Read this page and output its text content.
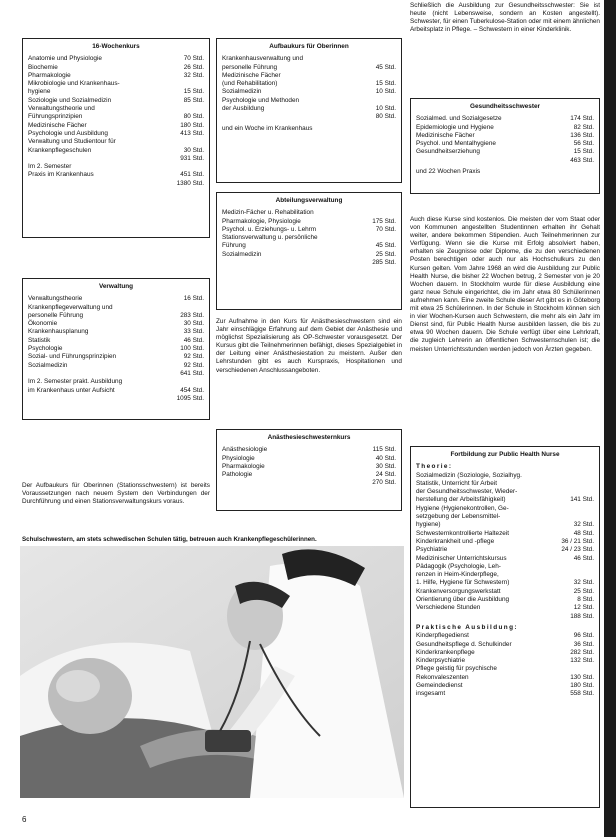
16-Wochenkurs
Anatomie und Physiologie	70 Std.
Biochemie	26 Std.
Pharmakologie	32 Std.
Mikrobiologie und Krankenhaus-
hygiene	15 Std.
Soziologie und Sozialmedizin	85 Std.
Verwaltungstheorie und
Führungsprinzipien	80 Std.
Medizinische Fächer	180 Std.
Psychologie und Ausbildung	413 Std.
Verwaltung und Studientour für
Krankenpflegeschulen	30 Std.
931 Std.
Im 2. Semester
Praxis im Krankenhaus	451 Std.
1380 Std.
Aufbaukurs für Oberinnen
Krankenhausverwaltung und
personelle Führung	45 Std.
Medizinische Fächer
(und Rehabilitation)	15 Std.
Sozialmedizin	10 Std.
Psychologie und Methoden
der Ausbildung	10 Std.
80 Std.
und ein Woche im Krankenhaus
Abteilungsverwaltung
Medizin-Fächer u. Rehabilitation
Pharmakologie, Physiologie	175 Std.
Psychol. u. Erziehungs- u. Lehrm	70 Std.
Stationsverwaltung u. persönliche
Führung	45 Std.
Sozialmedizin	25 Std.
285 Std.
Verwaltung
Verwaltungstheorie	16 Std.
Krankenpflegeverwaltung und
personelle Führung	283 Std.
Ökonomie	30 Std.
Krankenhausplanung	33 Std.
Statistik	46 Std.
Psychologie	100 Std.
Sozial- und Führungsprinzipien	92 Std.
Sozialmedizin	92 Std.
641 Std.
Im 2. Semester prakt. Ausbildung
im Krankenhaus unter Aufsicht	454 Std.
1095 Std.
Anästhesieschwesternkurs
Anästhesiologie	115 Std.
Physiologie	40 Std.
Pharmakologie	30 Std.
Pathologie	24 Std.
270 Std.
Gesundheitsschwester
Sozialmed. und Sozialgesetze	174 Std.
Epidemiologie und Hygiene	82 Std.
Medizinische Fächer	136 Std.
Psychol. und Mentalhygiene	56 Std.
Gesundheitserziehung	15 Std.
463 Std.
und 22 Wochen Praxis
Fortbildung zur Public Health Nurse
Theorie:
Sozialmedizin (Soziologie, Sozialhyg.
Statistik, Unterricht für Arbeit
der Gesundheitsschwester, Wieder-
herstellung der Arbeitsfähigkeit)	141 Std.
Hygiene (Hygienekontrollen, Ge-
setzgebung der Lebensmittel-
hygiene)	32 Std.
Schwesternkontrollierte Haltezeit	48 Std.
Kinderkrankheit und -pflege	36 / 21 Std.
Psychiatrie	24 / 23 Std.
Medizinischer Unterrichtskursus	46 Std.
Pädagogik (Psychologie, Leh-
renzen in Heim-Kinderpflege,
1. Hilfe, Hygiene für Schwestern)	32 Std.
Krankenversorgungswerkstatt	25 Std.
Orientierung über die Ausbildung	8 Std.
Verschiedene Stunden	12 Std.
188 Std.
Praktische Ausbildung:
Kinderpflegedienst	96 Std.
Gesundheitspflege d. Schulkinder	36 Std.
Kinderkrankenpflege	282 Std.
Kinderpsychiatrie	132 Std.
Pflege geistig für psychische
Rekonvaleszenten	130 Std.
Gemeindedienst	180 Std.
insgesamt	558 Std.
Schließlich die Ausbildung zur Gesundheitsschwester: Sie ist heute (nicht Lebensweise, sondern an Kosten angestellt). Schwester, für einen Tuberkulose-Station oder mit einem ähnlichen Arbeitsplatz in Pflege. – Schwestern in einer Kinderklinik.
Zur Aufnahme in den Kurs für Anästhesieschwestern sind ein Jahr einschlägige Erfahrung auf dem Gebiet der Anästhesie und möglichst Spezialisierung als OP-Schwester vorausgesetzt. Der Kursus gibt die Teilnehmerinnen befähigt, dieses Spezialgebiet in der Leitung einer Anästhesiestation zu meistern. Außer den Lehrstunden gibt es auch Kurspraxis, Hospitationen und verschiedenen Anschlussangeboten.
Der Aufbaukurs für Oberinnen (Stationsschwestern) ist bereits Voraussetzungen nach neuem System den Verbindungen der Durchführung und einen Stationsverwaltungskurs voraus.
Auch diese Kurse sind kostenlos. Die meisten der vom Staat oder von Kommunen angestellten Studentinnen erhalten ihr Gehalt weiter, andere bekommen Stipendien. Auch Teilnehmerinnen zur Verfügung. Wenn sie die Kurse mit Erfolg absolviert haben, erhalten sie Zeugnisse oder Diplome, die zu den verschiedenen Posten berechtigen oder auch nur als Hochschulkurs zu den Kursen gelten. Vom Jahre 1968 an wird die Ausbildung zur Public Health Nurse, die bisher 22 Wochen betrug, 2 Semester von je 20 Wochen dauern. In Stockholm wurde für diese Ausbildung eine ganz neue Schule eingerichtet, die im Jahr etwa 80 Schülerinnen aufnehmen kann. Eine zweite Schule dieser Art gibt es in Göteborg mit etwa 25 Schülerinnen. In der Schule in Stockholm können sich in vier Wochen-Kursen auch Schwestern, die mehr als ein Jahr im Dienst sind, für Public Health Nurse ausbilden lassen, die bis zu etwa 90 Wochen dauern. Die Schule verfügt über eine Lehrkraft, die zugleich Lehrerin an öffentlichen Schwesternschulen ist; die meisten Unterrichtsstunden werden jedoch von Ärzten gegeben.
Schulschwestern, am stets schwedischen Schulen tätig, betreuen auch Krankenpflegeschülerinnen.
6
